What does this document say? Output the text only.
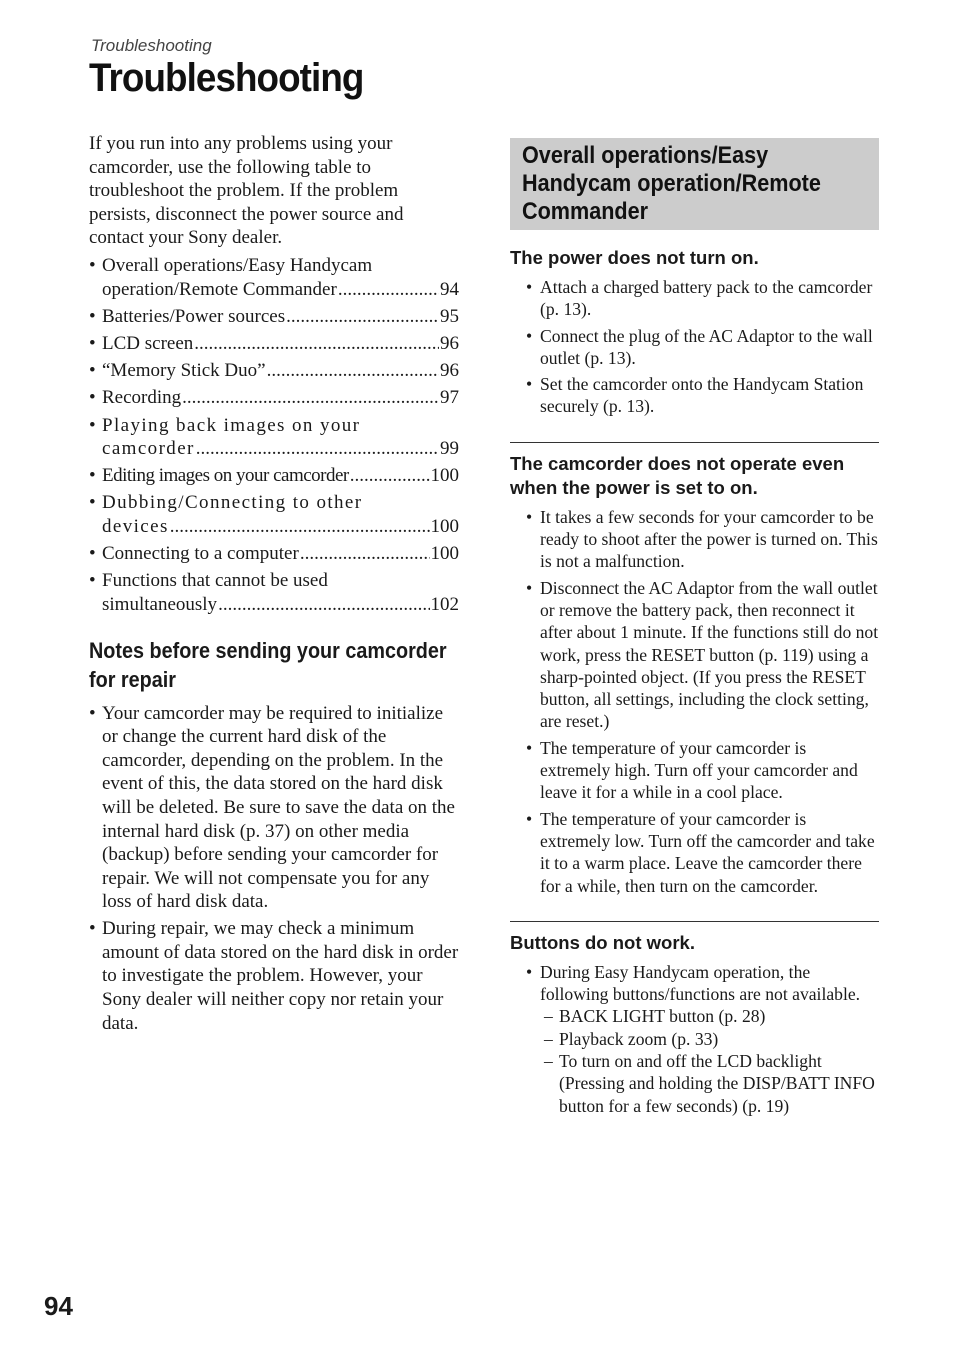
Troubleshooting
Troubleshooting

If you run into any problems using your camcorder, use the following table to troubleshoot the problem. If the problem persists, disconnect the power source and contact your Sony dealer.

• Overall operations/Easy Handycam
operation/Remote Commander .....	94
• Batteries/Power sources .....	95
• LCD screen .....	96
• “Memory Stick Duo” .....	96
• Recording .....	97
• Playing back images on your
camcorder .....	99
• Editing images on your camcorder .....	100
• Dubbing/Connecting to other
devices .....	100
• Connecting to a computer .....	100
• Functions that cannot be used
simultaneously .....	102
Notes before sending your camcorder for repair
• Your camcorder may be required to initialize or change the current hard disk of the camcorder, depending on the problem. In the event of this, the data stored on the hard disk will be deleted. Be sure to save the data on the internal hard disk (p. 37) on other media (backup) before sending your camcorder for repair. We will not compensate you for any loss of hard disk data.
• During repair, we may check a minimum amount of data stored on the hard disk in order to investigate the problem. However, your Sony dealer will neither copy nor retain your data.
Overall operations/Easy Handycam operation/Remote Commander
The power does not turn on.
• Attach a charged battery pack to the camcorder (p. 13).
• Connect the plug of the AC Adaptor to the wall outlet (p. 13).
• Set the camcorder onto the Handycam Station securely (p. 13).
The camcorder does not operate even when the power is set to on.
• It takes a few seconds for your camcorder to be ready to shoot after the power is turned on. This is not a malfunction.
• Disconnect the AC Adaptor from the wall outlet or remove the battery pack, then reconnect it after about 1 minute. If the functions still do not work, press the RESET button (p. 119) using a sharp-pointed object. (If you press the RESET button, all settings, including the clock setting, are reset.)
• The temperature of your camcorder is extremely high. Turn off your camcorder and leave it for a while in a cool place.
• The temperature of your camcorder is extremely low. Turn off the camcorder and take it to a warm place. Leave the camcorder there for a while, then turn on the camcorder.
Buttons do not work.
• During Easy Handycam operation, the following buttons/functions are not available.
– BACK LIGHT button (p. 28)
– Playback zoom (p. 33)
– To turn on and off the LCD backlight (Pressing and holding the DISP/BATT INFO button for a few seconds) (p. 19)
94
